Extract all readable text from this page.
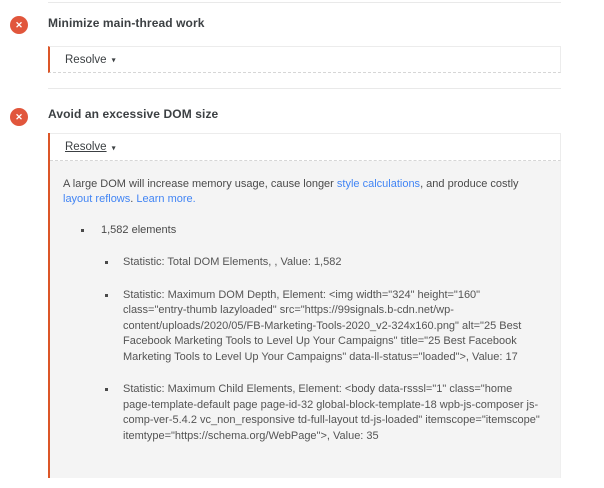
✕ Minimize main-thread work
Resolve ▾
✕ Avoid an excessive DOM size
Resolve ▾
A large DOM will increase memory usage, cause longer style calculations, and produce costly layout reflows. Learn more.
1,582 elements
Statistic: Total DOM Elements, , Value: 1,582
Statistic: Maximum DOM Depth, Element: <img width="324" height="160" class="entry-thumb lazyloaded" src="https://99signals.b-cdn.net/wp-content/uploads/2020/05/FB-Marketing-Tools-2020_v2-324x160.png" alt="25 Best Facebook Marketing Tools to Level Up Your Campaigns" title="25 Best Facebook Marketing Tools to Level Up Your Campaigns" data-ll-status="loaded">, Value: 17
Statistic: Maximum Child Elements, Element: <body data-rsssl="1" class="home page-template-default page page-id-32 global-block-template-18 wpb-js-composer js-comp-ver-5.4.2 vc_non_responsive td-full-layout td-js-loaded" itemscope="itemscope" itemtype="https://schema.org/WebPage">, Value: 35
